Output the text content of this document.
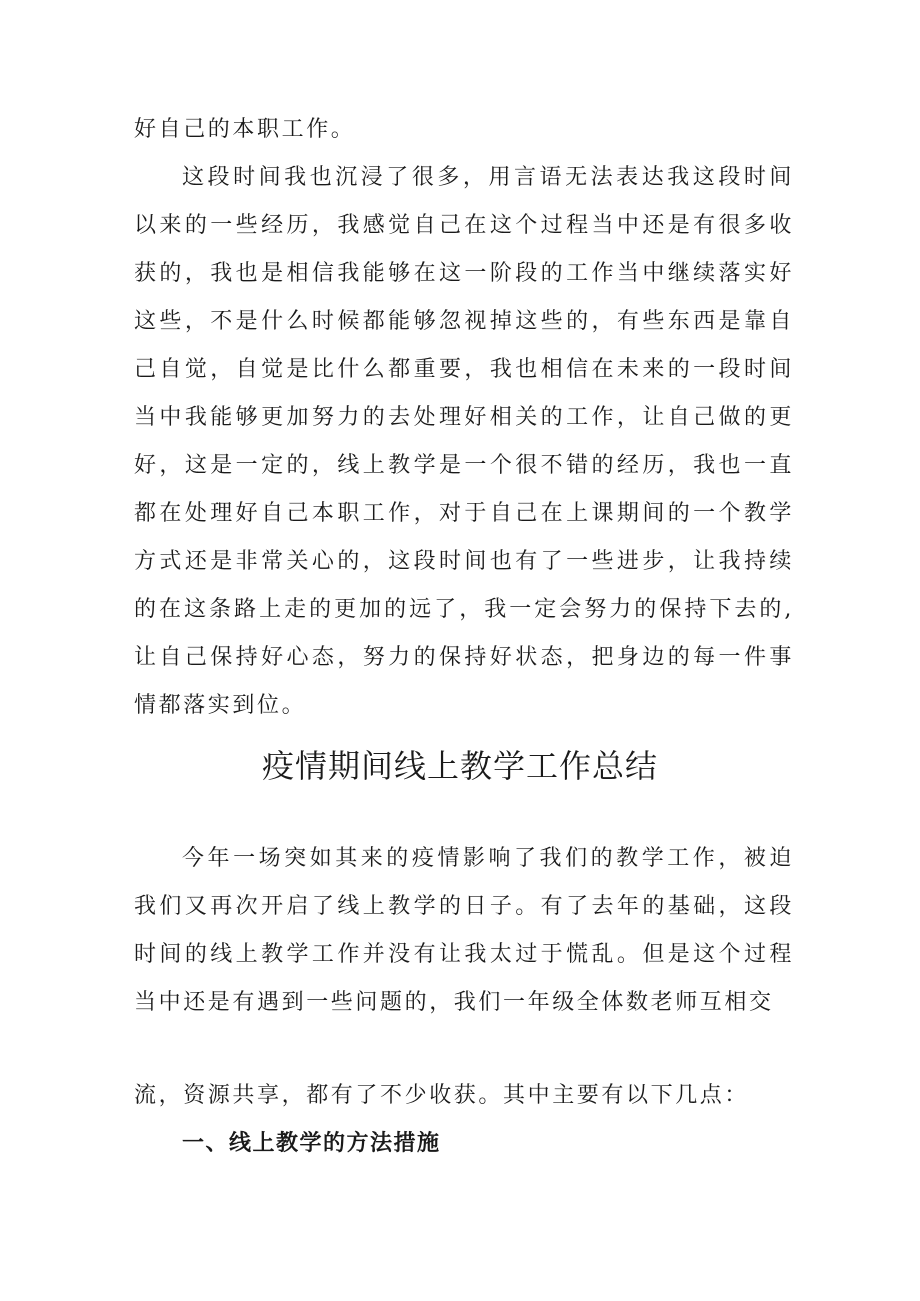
好自己的本职工作。

这段时间我也沉浸了很多，用言语无法表达我这段时间以来的一些经历，我感觉自己在这个过程当中还是有很多收获的，我也是相信我能够在这一阶段的工作当中继续落实好这些，不是什么时候都能够忽视掉这些的，有些东西是靠自己自觉，自觉是比什么都重要，我也相信在未来的一段时间当中我能够更加努力的去处理好相关的工作，让自己做的更好，这是一定的，线上教学是一个很不错的经历，我也一直都在处理好自己本职工作，对于自己在上课期间的一个教学方式还是非常关心的，这段时间也有了一些进步，让我持续的在这条路上走的更加的远了，我一定会努力的保持下去的,让自己保持好心态，努力的保持好状态，把身边的每一件事情都落实到位。

疫情期间线上教学工作总结

今年一场突如其来的疫情影响了我们的教学工作，被迫我们又再次开启了线上教学的日子。有了去年的基础，这段时间的线上教学工作并没有让我太过于慌乱。但是这个过程当中还是有遇到一些问题的，我们一年级全体数老师互相交

流，资源共享，都有了不少收获。其中主要有以下几点：

一、线上教学的方法措施
